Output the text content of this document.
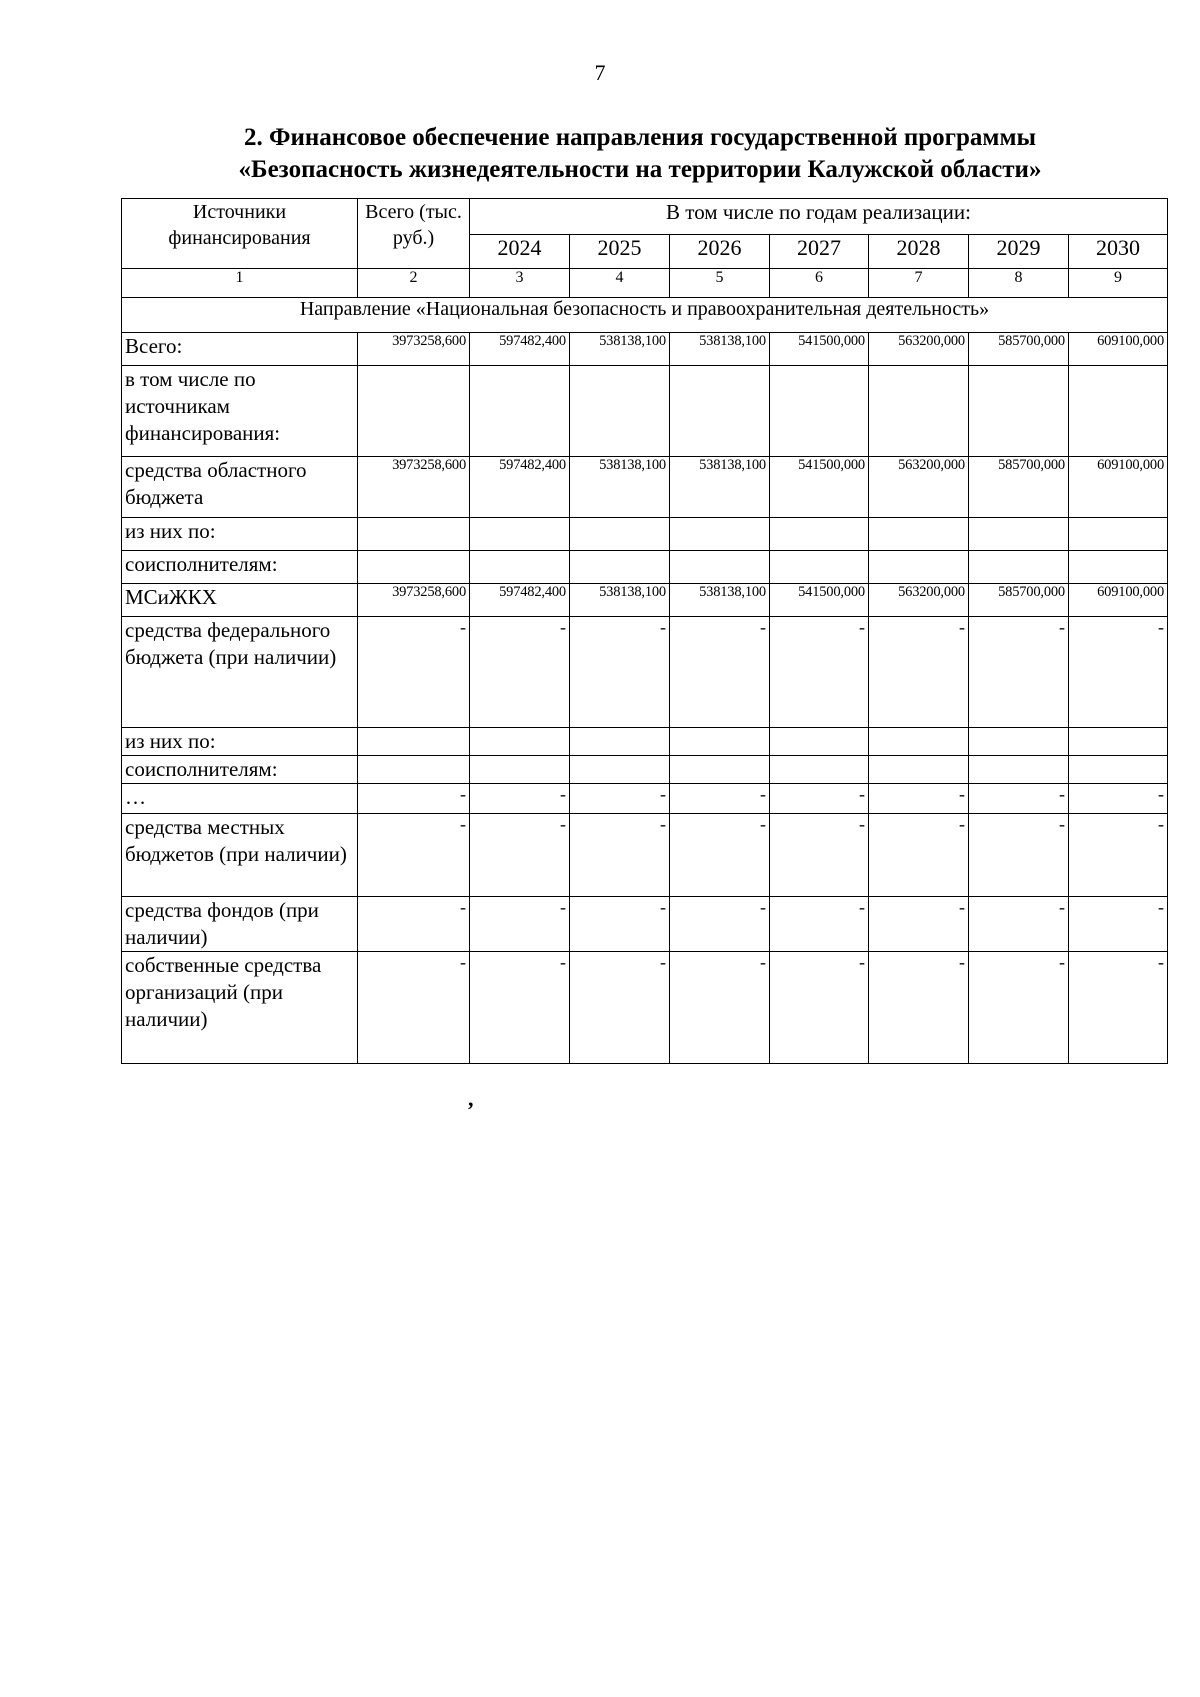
7
2. Финансовое обеспечение направления государственной программы
«Безопасность жизнедеятельности на территории Калужской области»
Источники финансирования	Всего (тыс. руб.)	В том числе по годам реализации:						
		2024	2025	2026	2027	2028	2029	2030
1	2	3	4	5	6	7	8	9
Направление «Национальная безопасность и правоохранительная деятельность»								
Всего:	3973258,600	597482,400	538138,100	538138,100	541500,000	563200,000	585700,000	609100,000
в том числе по источникам финансирования:								
средства областного бюджета	3973258,600	597482,400	538138,100	538138,100	541500,000	563200,000	585700,000	609100,000
из них по:								
соисполнителям:								
МСиЖКХ	3973258,600	597482,400	538138,100	538138,100	541500,000	563200,000	585700,000	609100,000
средства федерального бюджета (при наличии)	-	-	-	-	-	-	-	-
из них по:								
соисполнителям:								
…	-	-	-	-	-	-	-	-
средства местных бюджетов (при наличии)	-	-	-	-	-	-	-	-
средства фондов (при наличии)	-	-	-	-	-	-	-	-
собственные средства организаций (при наличии)	-	-	-	-	-	-	-	-
,
